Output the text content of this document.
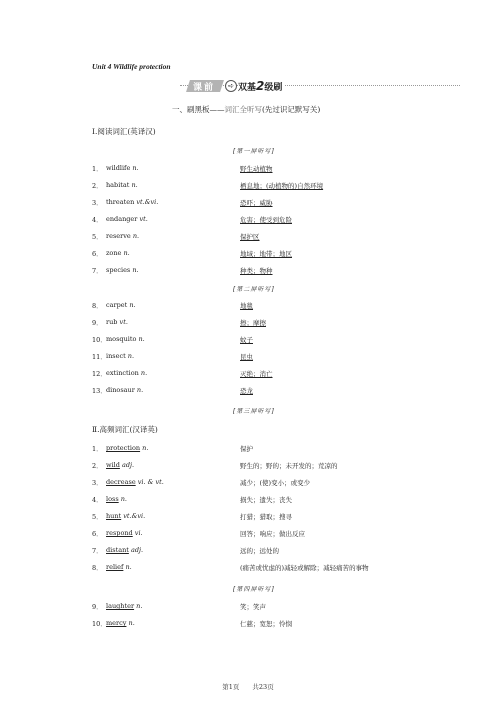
Unit 4 Wildlife protection
课前	➪ 双基2级刷
一、刷黑板——词汇全听写(先过识记默写关)
Ⅰ.阅读词汇(英译汉)
[第一屏听写]
1． wildlife n.	野生动植物
2． habitat n.	栖息地；(动植物的)自然环境
3． threaten vt.&vi.	恐吓；威胁
4． endanger vt.	危害；使受到危险
5． reserve n.	保护区
6． zone n.	地域；地带；地区
7． species n.	种类；物种
[第二屏听写]
8． carpet n.	地毯
9． rub vt.	擦；摩擦
10． mosquito n.	蚊子
11． insect n.	昆虫
12． extinction n.	灭绝；消亡
13． dinosaur n.	恐龙
[第三屏听写]
Ⅱ.高频词汇(汉译英)
1． protection n.	保护
2． wild adj.	野生的；野的；未开发的；荒凉的
3． decrease vi. & vt.	减少；(使)变小；或变少
4． loss n.	损失；遗失；丧失
5． hunt vt.&vi.	打猎；猎取；搜寻
6． respond vi.	回答；响应；做出反应
7． distant adj.	远的；远处的
8． relief n.	(痛苦或忧虑的)减轻或解除；减轻痛苦的事物
[第四屏听写]
9． laughter n.	笑；笑声
10． mercy n.	仁慈；宽恕；怜悯
第1页　　共23页
